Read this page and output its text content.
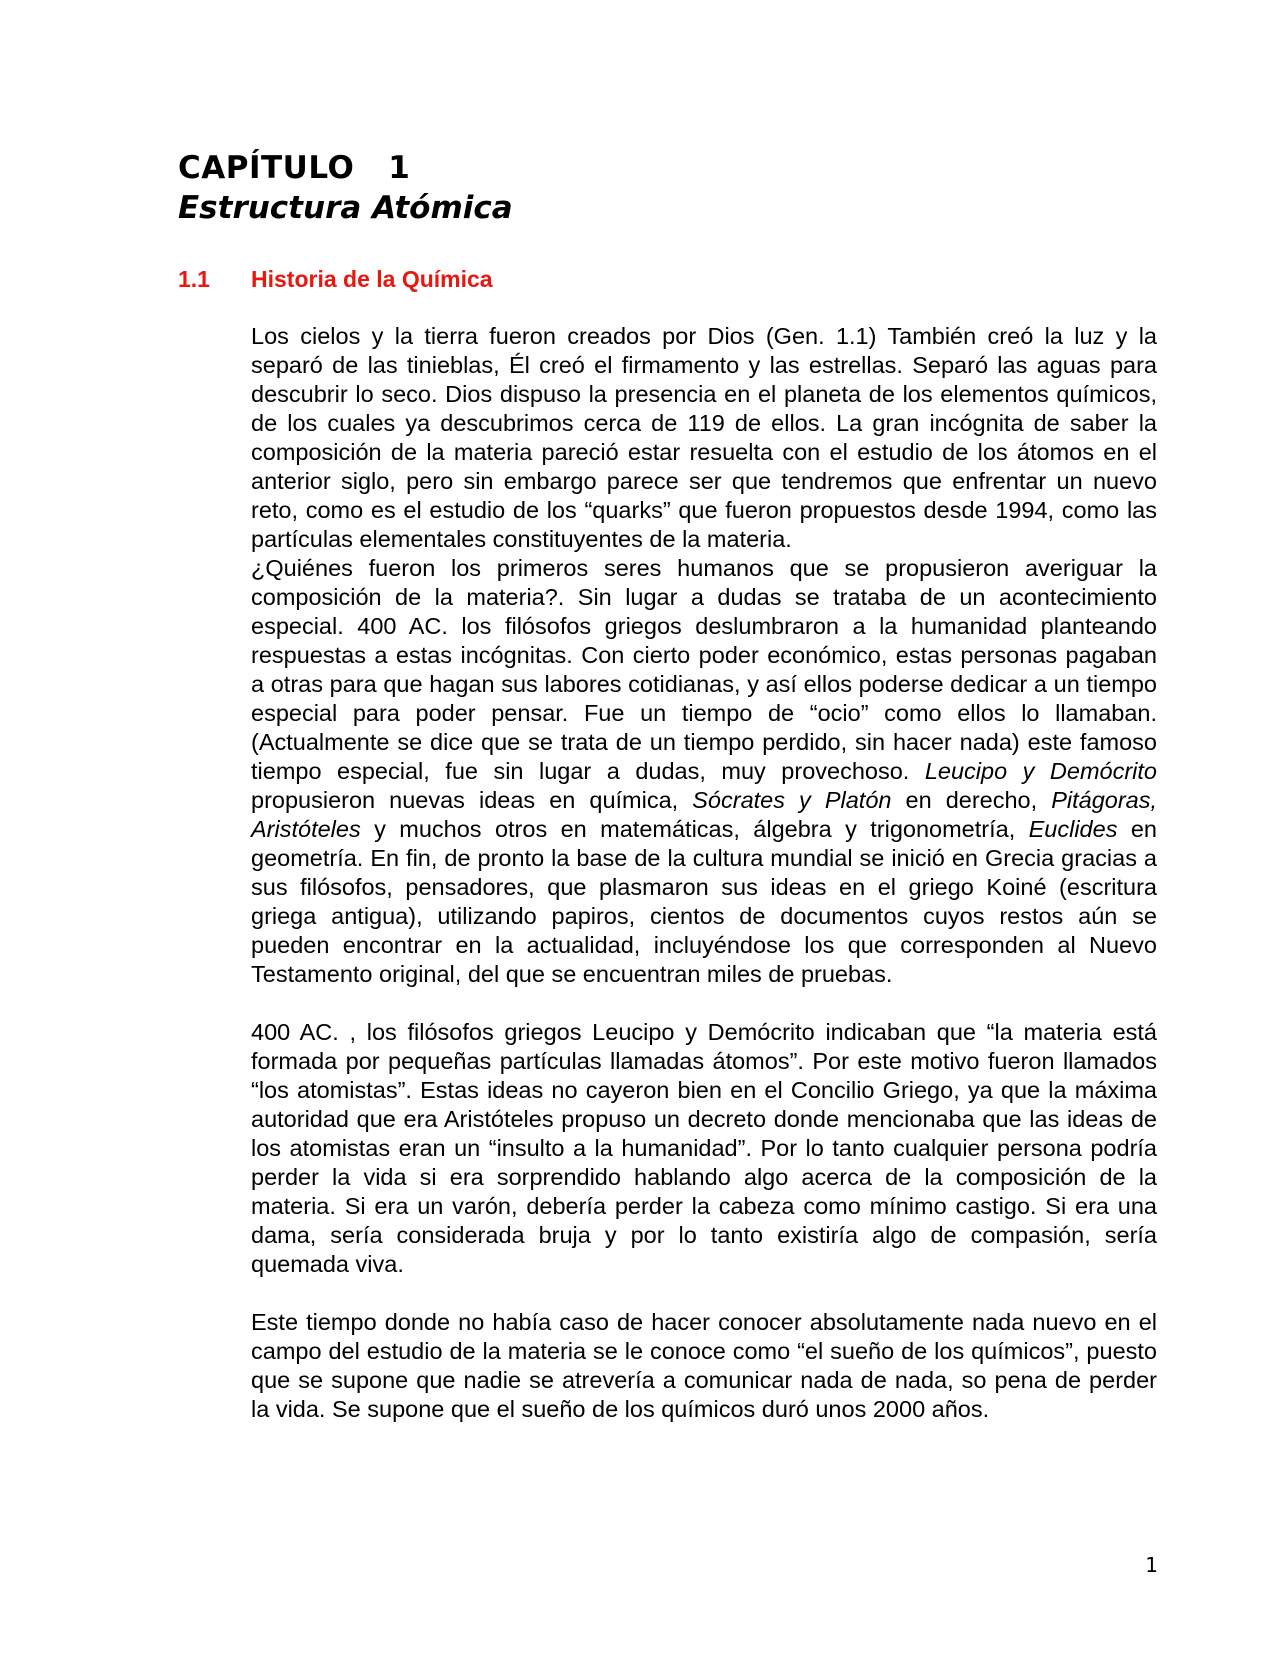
CAPÍTULO   1
Estructura Atómica
1.1 Historia de la Química

Los cielos y la tierra fueron creados por Dios (Gen. 1.1) También creó la luz y la separó de las tinieblas, Él creó el firmamento y las estrellas. Separó las aguas para descubrir lo seco. Dios dispuso la presencia en el planeta de los elementos químicos, de los cuales ya descubrimos cerca de 119 de ellos. La gran incógnita de saber la composición de la materia pareció estar resuelta con el estudio de los átomos en el anterior siglo, pero sin embargo parece ser que tendremos que enfrentar un nuevo reto, como es el estudio de los “quarks” que fueron propuestos desde 1994, como las partículas elementales constituyentes de la materia.

¿Quiénes fueron los primeros seres humanos que se propusieron averiguar la composición de la materia?. Sin lugar a dudas se trataba de un acontecimiento especial. 400 AC. los filósofos griegos deslumbraron a la humanidad planteando respuestas a estas incógnitas. Con cierto poder económico, estas personas pagaban a otras para que hagan sus labores cotidianas, y así ellos poderse dedicar a un tiempo especial para poder pensar. Fue un tiempo de “ocio” como ellos lo llamaban. (Actualmente se dice que se trata de un tiempo perdido, sin hacer nada) este famoso tiempo especial, fue sin lugar a dudas, muy provechoso. Leucipo y Demócrito propusieron nuevas ideas en química, Sócrates y Platón en derecho, Pitágoras, Aristóteles y muchos otros en matemáticas, álgebra y trigonometría, Euclides en geometría. En fin, de pronto la base de la cultura mundial se inició en Grecia gracias a sus filósofos, pensadores, que plasmaron sus ideas en el griego Koiné (escritura griega antigua), utilizando papiros, cientos de documentos cuyos restos aún se pueden encontrar en la actualidad, incluyéndose los que corresponden al Nuevo Testamento original, del que se encuentran miles de pruebas.

400 AC. , los filósofos griegos Leucipo y Demócrito indicaban que “la materia está formada por pequeñas partículas llamadas átomos”. Por este motivo fueron llamados “los atomistas”. Estas ideas no cayeron bien en el Concilio Griego, ya que la máxima autoridad que era Aristóteles propuso un decreto donde mencionaba que las ideas de los atomistas eran un “insulto a la humanidad”. Por lo tanto cualquier persona podría perder la vida si era sorprendido hablando algo acerca de la composición de la materia. Si era un varón, debería perder la cabeza como mínimo castigo. Si era una dama, sería considerada bruja y por lo tanto existiría algo de compasión, sería quemada viva.

Este tiempo donde no había caso de hacer conocer absolutamente nada nuevo en el campo del estudio de la materia se le conoce como “el sueño de los químicos”, puesto que se supone que nadie se atrevería a comunicar nada de nada, so pena de perder la vida. Se supone que el sueño de los químicos duró unos 2000 años.

1
